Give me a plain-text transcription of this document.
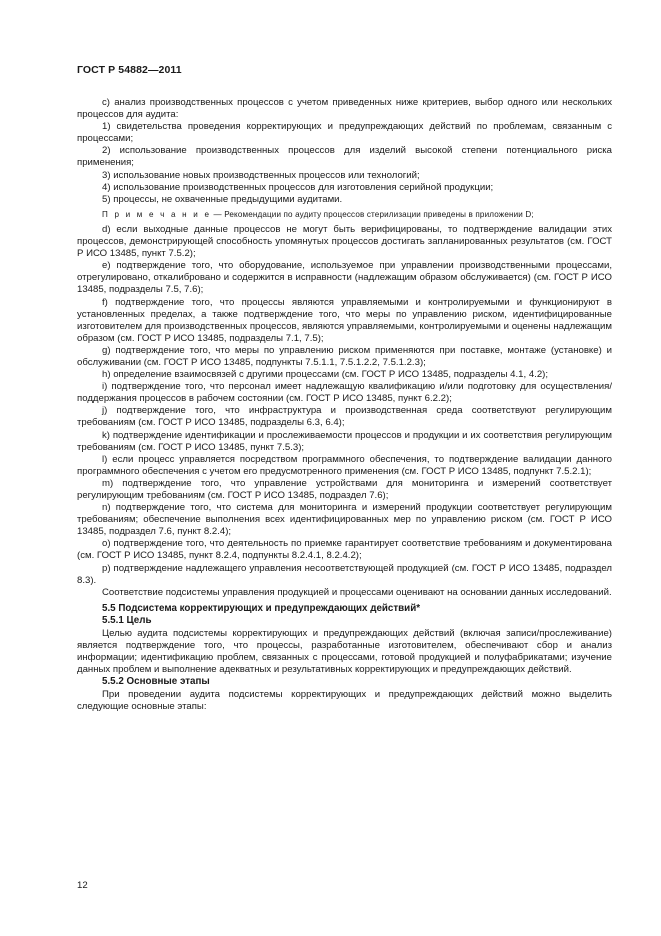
ГОСТ Р 54882—2011

c) анализ производственных процессов с учетом приведенных ниже критериев, выбор одного или нескольких процессов для аудита:

1) свидетельства проведения корректирующих и предупреждающих действий по проблемам, связанным с процессами;

2) использование производственных процессов для изделий высокой степени потенциального риска применения;

3) использование новых производственных процессов или технологий;

4) использование производственных процессов для изготовления серийной продукции;

5) процессы, не охваченные предыдущими аудитами.

П р и м е ч а н и е — Рекомендации по аудиту процессов стерилизации приведены в приложении D;

d) если выходные данные процессов не могут быть верифицированы, то подтверждение валидации этих процессов, демонстрирующей способность упомянутых процессов достигать запланированных результатов (см. ГОСТ Р ИСО 13485, пункт 7.5.2);

e) подтверждение того, что оборудование, используемое при управлении производственными процессами, отрегулировано, откалибровано и содержится в исправности (надлежащим образом обслуживается) (см. ГОСТ Р ИСО 13485, подразделы 7.5, 7.6);

f) подтверждение того, что процессы являются управляемыми и контролируемыми и функционируют в установленных пределах, а также подтверждение того, что меры по управлению риском, идентифицированные изготовителем для производственных процессов, являются управляемыми, контролируемыми и оценены надлежащим образом (см. ГОСТ Р ИСО 13485, подразделы 7.1, 7.5);

g) подтверждение того, что меры по управлению риском применяются при поставке, монтаже (установке) и обслуживании (см. ГОСТ Р ИСО 13485, подпункты 7.5.1.1, 7.5.1.2.2, 7.5.1.2.3);

h) определение взаимосвязей с другими процессами (см. ГОСТ Р ИСО 13485, подразделы 4.1, 4.2);

i) подтверждение того, что персонал имеет надлежащую квалификацию и/или подготовку для осуществления/поддержания процессов в рабочем состоянии (см. ГОСТ Р ИСО 13485, пункт 6.2.2);

j) подтверждение того, что инфраструктура и производственная среда соответствуют регулирующим требованиям (см. ГОСТ Р ИСО 13485, подразделы 6.3, 6.4);

k) подтверждение идентификации и прослеживаемости процессов и продукции и их соответствия регулирующим требованиям (см. ГОСТ Р ИСО 13485, пункт 7.5.3);

l) если процесс управляется посредством программного обеспечения, то подтверждение валидации данного программного обеспечения с учетом его предусмотренного применения (см. ГОСТ Р ИСО 13485, подпункт 7.5.2.1);

m) подтверждение того, что управление устройствами для мониторинга и измерений соответствует регулирующим требованиям (см. ГОСТ Р ИСО 13485, подраздел 7.6);

n) подтверждение того, что система для мониторинга и измерений продукции соответствует регулирующим требованиям; обеспечение выполнения всех идентифицированных мер по управлению риском (см. ГОСТ Р ИСО 13485, подраздел 7.6, пункт 8.2.4);

o) подтверждение того, что деятельность по приемке гарантирует соответствие требованиям и документирована (см. ГОСТ Р ИСО 13485, пункт 8.2.4, подпункты 8.2.4.1, 8.2.4.2);

p) подтверждение надлежащего управления несоответствующей продукцией (см. ГОСТ Р ИСО 13485, подраздел 8.3).

Соответствие подсистемы управления продукцией и процессами оценивают на основании данных исследований.

5.5 Подсистема корректирующих и предупреждающих действий*

5.5.1 Цель

Целью аудита подсистемы корректирующих и предупреждающих действий (включая записи/прослеживание) является подтверждение того, что процессы, разработанные изготовителем, обеспечивают сбор и анализ информации; идентификацию проблем, связанных с процессами, готовой продукцией и полуфабрикатами; изучение данных проблем и выполнение адекватных и результативных корректирующих и предупреждающих действий.

5.5.2 Основные этапы

При проведении аудита подсистемы корректирующих и предупреждающих действий можно выделить следующие основные этапы:

12
